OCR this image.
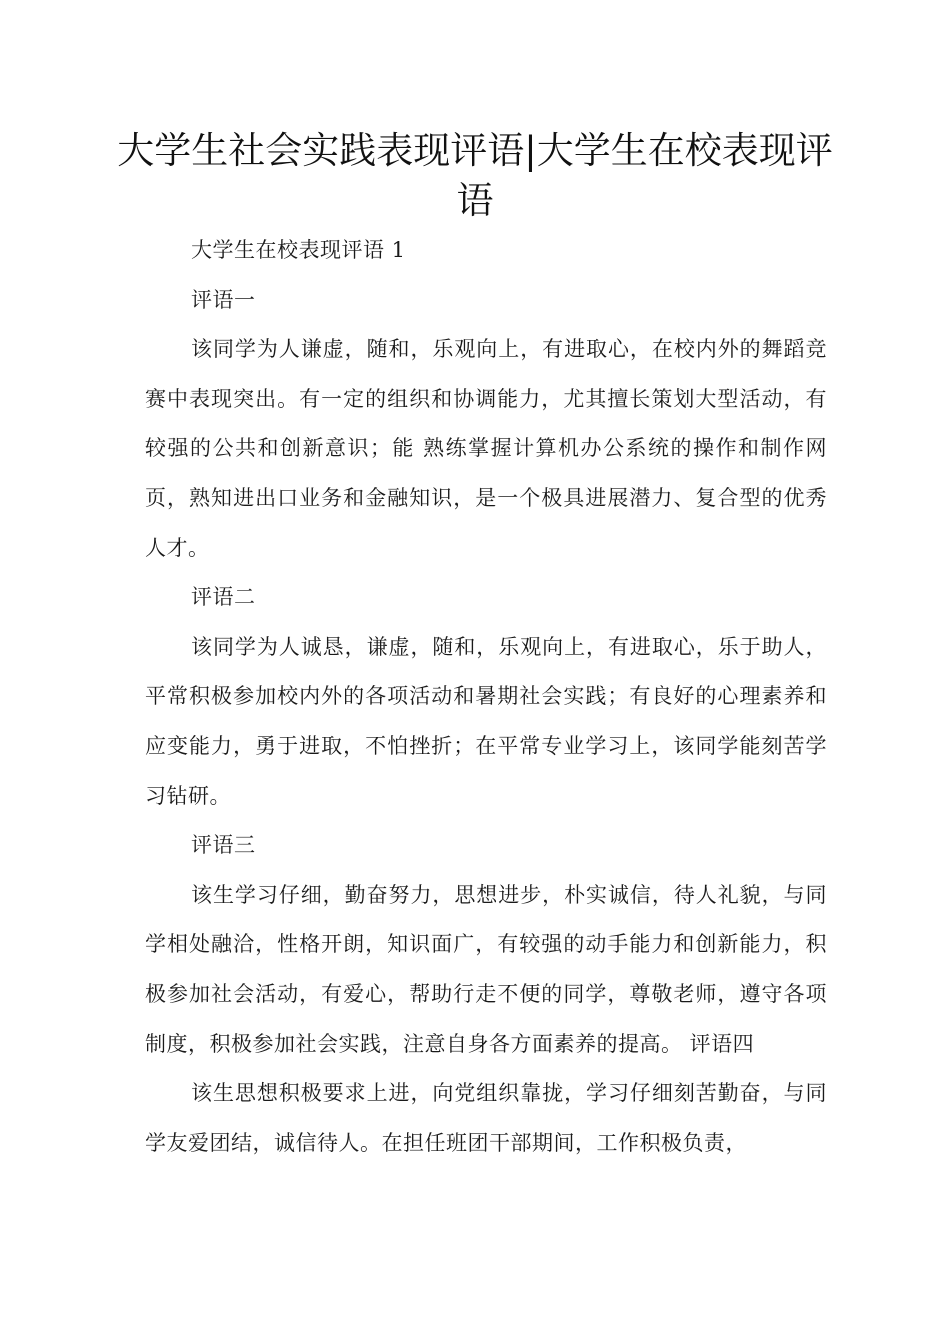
大学生社会实践表现评语|大学生在校表现评语

大学生在校表现评语 1

评语一

该同学为人谦虚，随和，乐观向上，有进取心，在校内外的舞蹈竞赛中表现突出。有一定的组织和协调能力，尤其擅长策划大型活动，有较强的公共和创新意识；能 熟练掌握计算机办公系统的操作和制作网页，熟知进出口业务和金融知识，是一个极具进展潜力、复合型的优秀人才。

评语二

该同学为人诚恳，谦虚，随和，乐观向上，有进取心，乐于助人，平常积极参加校内外的各项活动和暑期社会实践；有良好的心理素养和应变能力，勇于进取，不怕挫折；在平常专业学习上，该同学能刻苦学习钻研。

评语三

该生学习仔细，勤奋努力，思想进步，朴实诚信，待人礼貌，与同学相处融洽，性格开朗，知识面广，有较强的动手能力和创新能力，积极参加社会活动，有爱心，帮助行走不便的同学，尊敬老师，遵守各项制度，积极参加社会实践，注意自身各方面素养的提高。 评语四

该生思想积极要求上进，向党组织靠拢，学习仔细刻苦勤奋，与同学友爱团结，诚信待人。在担任班团干部期间，工作积极负责，
